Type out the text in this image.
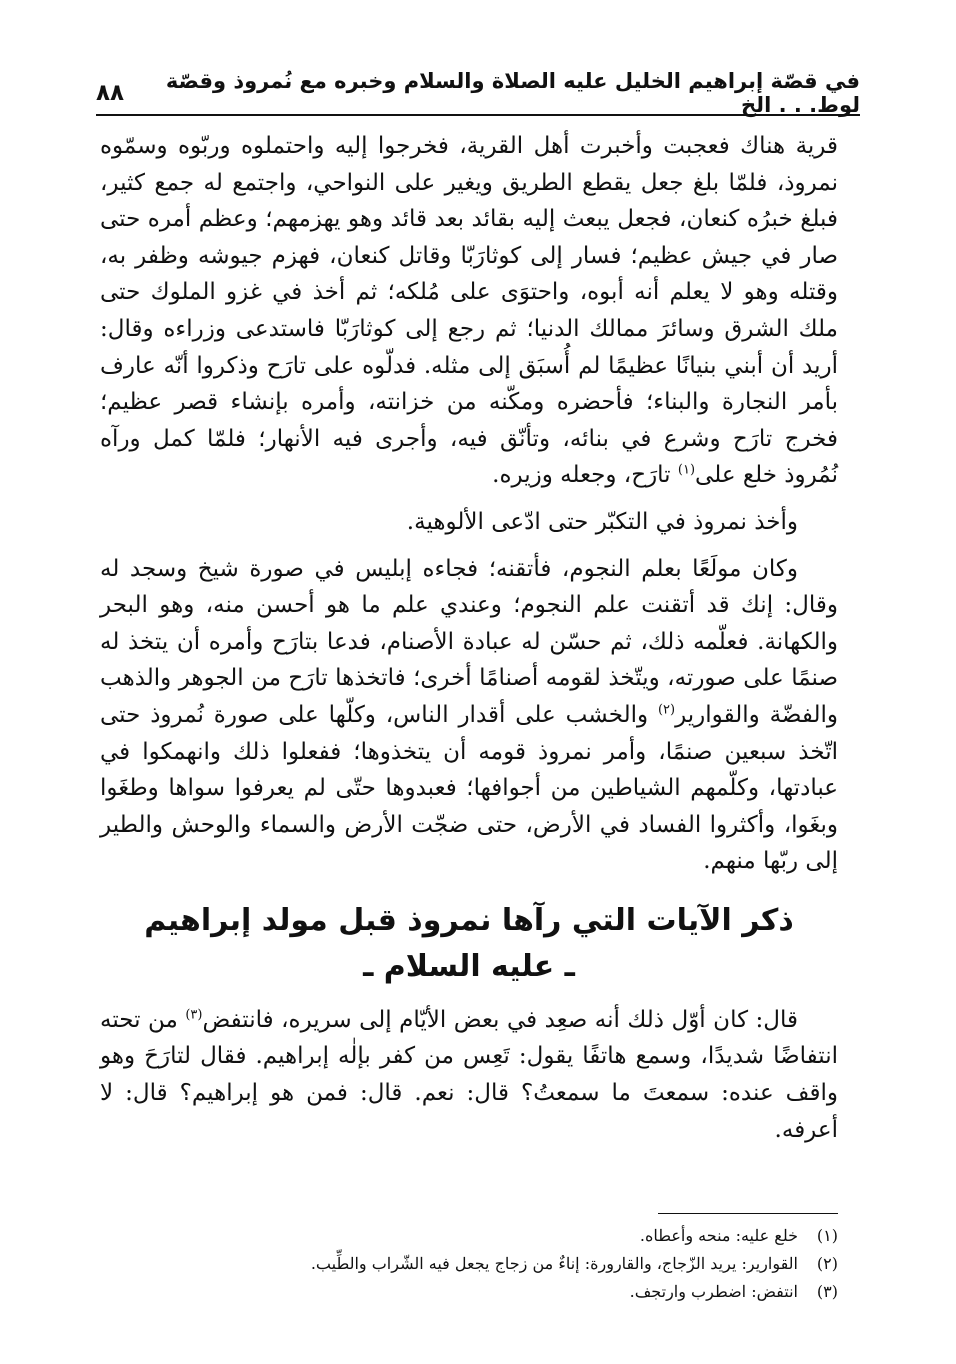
في قصّة إبراهيم الخليل عليه الصلاة والسلام وخبره مع نُمروذ وقصّة لوط. . . الخ
٨٨

قرية هناك فعجبت وأخبرت أهل القرية، فخرجوا إليه واحتملوه وربّوه وسمّوه نمروذ، فلمّا بلغ جعل يقطع الطريق ويغير على النواحي، واجتمع له جمع كثير، فبلغ خبرُه كنعان، فجعل يبعث إليه بقائد بعد قائد وهو يهزمهم؛ وعظم أمره حتى صار في جيش عظيم؛ فسار إلى كوثارَبّا وقاتل كنعان، فهزم جيوشه وظفر به، وقتله وهو لا يعلم أنه أبوه، واحتوَى على مُلكه؛ ثم أخذ في غزو الملوك حتى ملك الشرق وسائرَ ممالك الدنيا؛ ثم رجع إلى كوثارَبّا فاستدعى وزراءه وقال: أريد أن أبني بنيانًا عظيمًا لم أُسبَق إلى مثله. فدلّوه على تارَح وذكروا أنّه عارف بأمر النجارة والبناء؛ فأحضره ومكّنه من خزانته، وأمره بإنشاء قصر عظيم؛ فخرج تارَح وشرع في بنائه، وتأنّق فيه، وأجرى فيه الأنهار؛ فلمّا كمل ورآه نُمُروذ خلع على$^{(١)}$ تارَح، وجعله وزيره.

وأخذ نمروذ في التكبّر حتى ادّعى الألوهية.

وكان مولَعًا بعلم النجوم، فأتقنه؛ فجاءه إبليس في صورة شيخ وسجد له وقال: إنك قد أتقنت علم النجوم؛ وعندي علم ما هو أحسن منه، وهو البحر والكهانة. فعلّمه ذلك، ثم حسّن له عبادة الأصنام، فدعا بتارَح وأمره أن يتخذ له صنمًا على صورته، ويتّخذ لقومه أصنامًا أخرى؛ فاتخذها تارَح من الجوهر والذهب والفضّة والقوارير$^{(٢)}$ والخشب على أقدار الناس، وكلّها على صورة نُمروذ حتى اتّخذ سبعين صنمًا، وأمر نمروذ قومه أن يتخذوها؛ ففعلوا ذلك وانهمكوا في عبادتها، وكلّمهم الشياطين من أجوافها؛ فعبدوها حتّى لم يعرفوا سواها وطغَوا وبغَوا، وأكثروا الفساد في الأرض، حتى ضجّت الأرض والسماء والوحش والطير إلى ربّها منهم.

ذكر الآيات التي رآها نمروذ قبل مولد إبراهيم
ـ عليه السلام ـ

قال: كان أوّل ذلك أنه صعِد في بعض الأيّام إلى سريره، فانتفض$^{(٣)}$ من تحته انتفاضًا شديدًا، وسمع هاتفًا يقول: تَعِس من كفر بإلٰه إبراهيم. فقال لتارَحَ وهو واقف عنده: سمعتَ ما سمعتُ؟ قال: نعم. قال: فمن هو إبراهيم؟ قال: لا أعرفه.

(١)
خلع عليه: منحه وأعطاه.
(٢)
القوارير: يريد الزّجاج، والقارورة: إناءٌ من زجاج يجعل فيه الشّراب والطِّيب.
(٣)
انتفض: اضطرب وارتجف.
